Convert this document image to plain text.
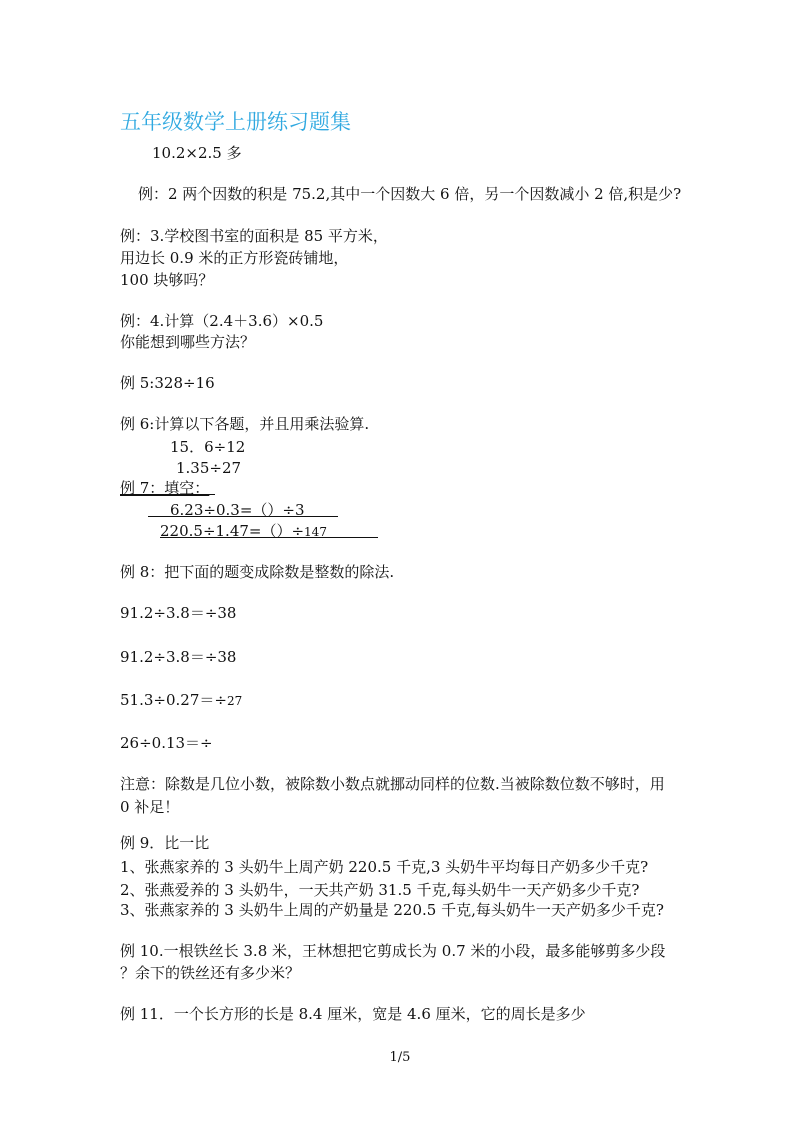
五年级数学上册练习题集
10.2×2.5 多
例：2 两个因数的积是 75.2,其中一个因数大 6 倍，另一个因数减小 2 倍,积是少?
例：3.学校图书室的面积是 85 平方米，
用边长 0.9 米的正方形瓷砖铺地，
100 块够吗？
例：4.计算（2.4＋3.6）×0.5
你能想到哪些方法？
例 5:328÷16
例 6:计算以下各题，并且用乘法验算.
15．6÷12
1.35÷27
例 7：填空：
6.23÷0.3=（）÷3
220.5÷1.47=（）÷147
例 8：把下面的题变成除数是整数的除法.
91.2÷3.8＝÷38
91.2÷3.8＝÷38
51.3÷0.27＝÷27
26÷0.13＝÷
注意：除数是几位小数，被除数小数点就挪动同样的位数.当被除数位数不够时，用
0 补足！
例 9．比一比
1、张燕家养的 3 头奶牛上周产奶 220.5 千克,3 头奶牛平均每日产奶多少千克?
2、张燕爱养的 3 头奶牛，一天共产奶 31.5 千克,每头奶牛一天产奶多少千克?
3、张燕家养的 3 头奶牛上周的产奶量是 220.5 千克,每头奶牛一天产奶多少千克?
例 10.一根铁丝长 3.8 米，王林想把它剪成长为 0.7 米的小段，最多能够剪多少段
？余下的铁丝还有多少米？
例 11．一个长方形的长是 8.4 厘米，宽是 4.6 厘米，它的周长是多少
1/5
